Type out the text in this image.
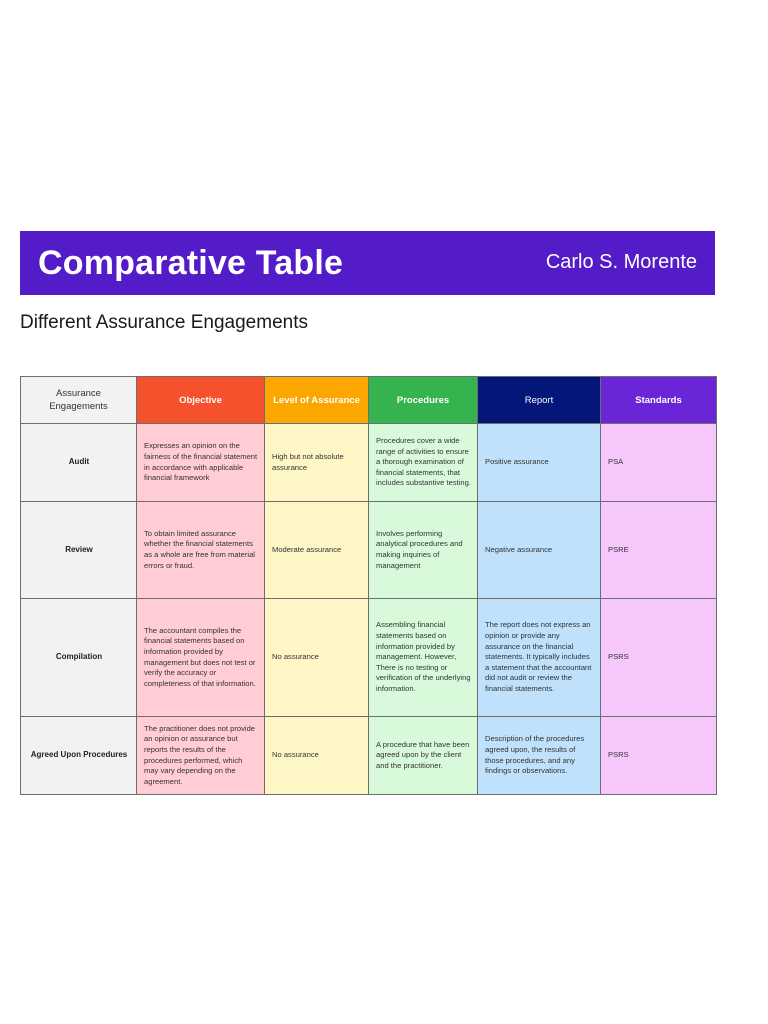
Comparative Table	Carlo S. Morente
Different Assurance Engagements
Assurance Engagements	Objective	Level of Assurance	Procedures	Report	Standards
Audit	Expresses an opinion on the fairness of the financial statement in accordance with applicable financial framework	High but not absolute assurance	Procedures cover a wide range of activities to ensure a thorough examination of financial statements, that includes substantive testing.	Positive assurance	PSA
Review	To obtain limited assurance whether the financial statements as a whole are free from material errors or fraud.	Moderate assurance	Involves performing analytical procedures and making inquiries of management	Negative assurance	PSRE
Compilation	The accountant compiles the financial statements based on information provided by management but does not test or verify the accuracy or completeness of that information.	No assurance	Assembling financial statements based on information provided by management. However, There is no testing or verification of the underlying information.	The report does not express an opinion or provide any assurance on the financial statements. It typically includes a statement that the accountant did not audit or review the financial statements.	PSRS
Agreed Upon Procedures	The practitioner does not provide an opinion or assurance but reports the results of the procedures performed, which may vary depending on the agreement.	No assurance	A procedure that have been agreed upon by the client and the practitioner.	Description of the procedures agreed upon, the results of those procedures, and any findings or observations.	PSRS
